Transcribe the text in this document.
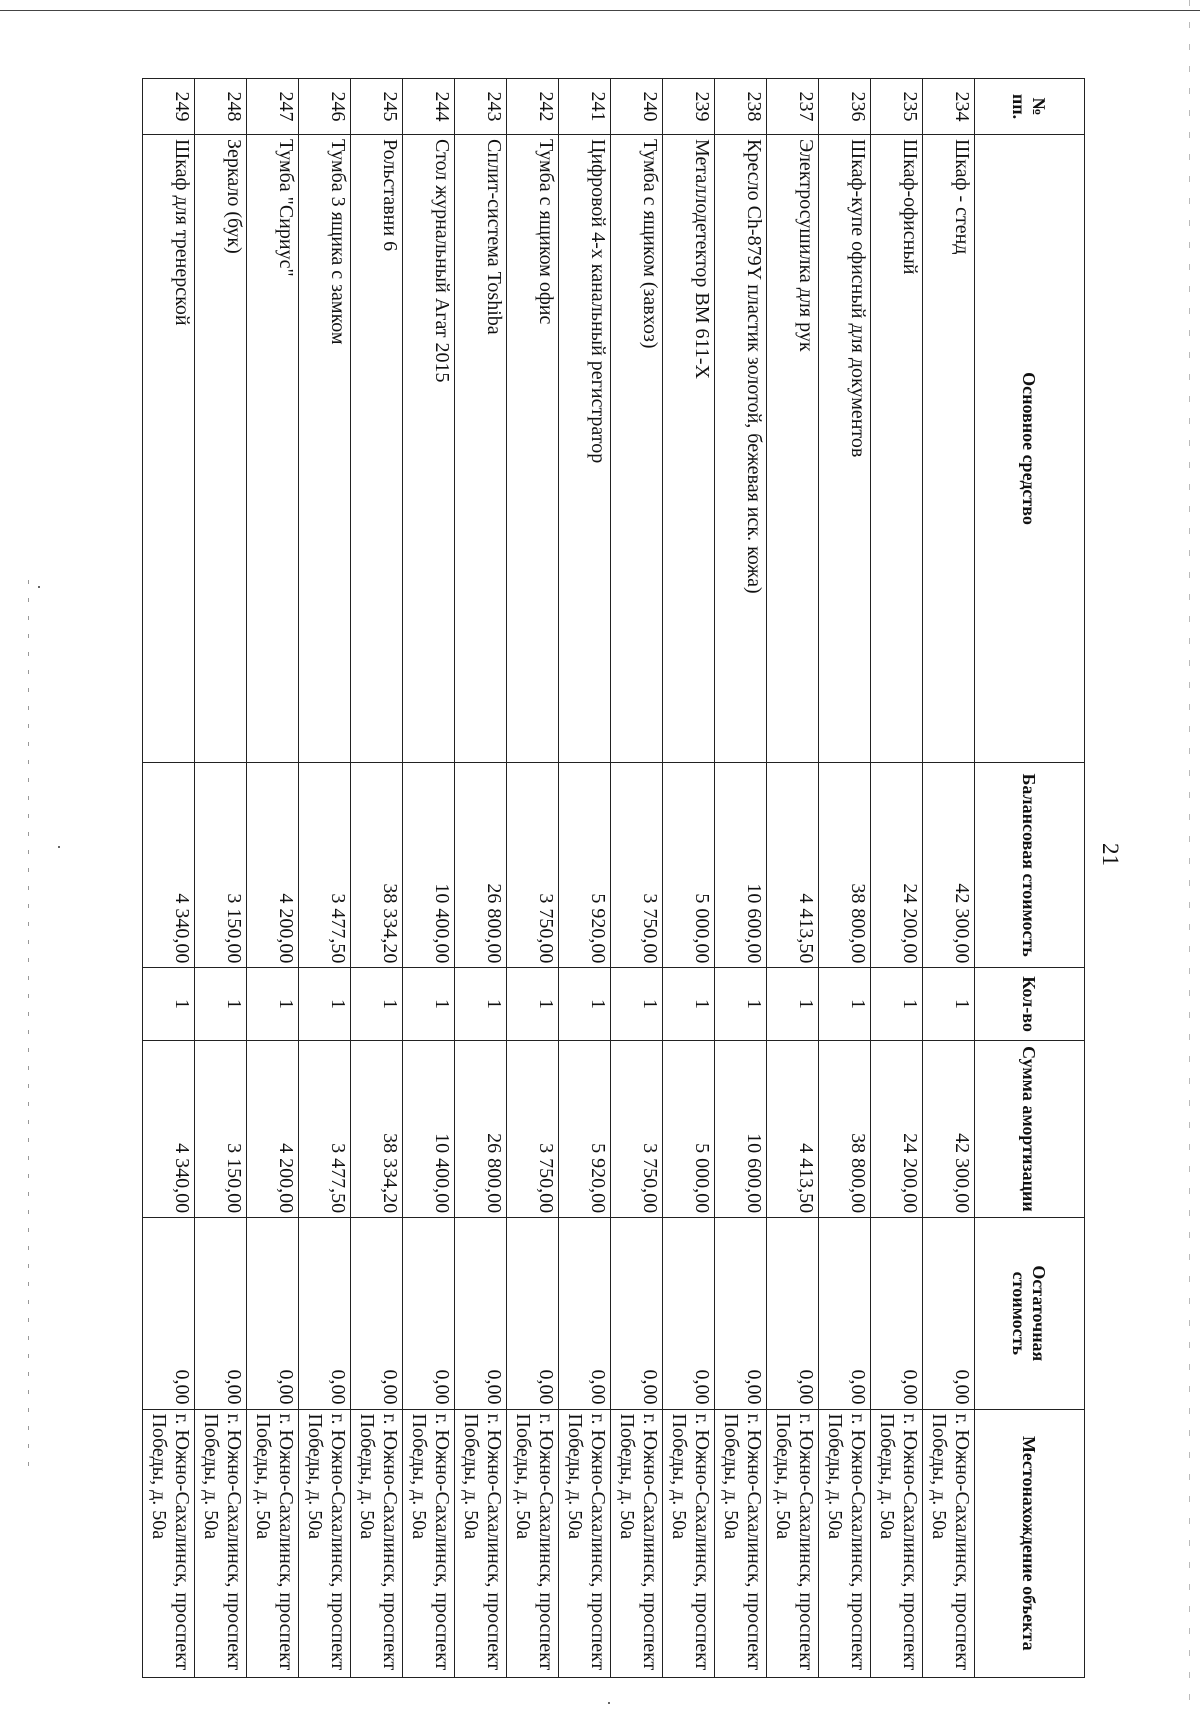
21
№ пп.	Основное средство	Балансовая стоимость	Кол-во	Сумма амортизации	Остаточная стоимость	Местонахождение объекта
234	Шкаф - стенд	42 300,00	1	42 300,00	0,00	г. Южно-Сахалинск, проспект Победы, д. 50а
235	Шкаф-офисный	24 200,00	1	24 200,00	0,00	г. Южно-Сахалинск, проспект Победы, д. 50а
236	Шкаф-купе офисный для документов	38 800,00	1	38 800,00	0,00	г. Южно-Сахалинск, проспект Победы, д. 50а
237	Электросушилка для рук	4 413,50	1	4 413,50	0,00	г. Южно-Сахалинск, проспект Победы, д. 50а
238	Кресло Ch-879Y пластик золотой, бежевая иск. кожа)	10 600,00	1	10 600,00	0,00	г. Южно-Сахалинск, проспект Победы, д. 50а
239	Металлодетектор BM 611-X	5 000,00	1	5 000,00	0,00	г. Южно-Сахалинск, проспект Победы, д. 50а
240	Тумба с ящиком (завхоз)	3 750,00	1	3 750,00	0,00	г. Южно-Сахалинск, проспект Победы, д. 50а
241	Цифровой 4-х канальный регистратор	5 920,00	1	5 920,00	0,00	г. Южно-Сахалинск, проспект Победы, д. 50а
242	Тумба с ящиком офис	3 750,00	1	3 750,00	0,00	г. Южно-Сахалинск, проспект Победы, д. 50а
243	Сплит-система Toshiba	26 800,00	1	26 800,00	0,00	г. Южно-Сахалинск, проспект Победы, д. 50а
244	Стол журнальный Агат 2015	10 400,00	1	10 400,00	0,00	г. Южно-Сахалинск, проспект Победы, д. 50а
245	Рольставни 6	38 334,20	1	38 334,20	0,00	г. Южно-Сахалинск, проспект Победы, д. 50а
246	Тумба 3 ящика с замком	3 477,50	1	3 477,50	0,00	г. Южно-Сахалинск, проспект Победы, д. 50а
247	Тумба "Сириус"	4 200,00	1	4 200,00	0,00	г. Южно-Сахалинск, проспект Победы, д. 50а
248	Зеркало (бук)	3 150,00	1	3 150,00	0,00	г. Южно-Сахалинск, проспект Победы, д. 50а
249	Шкаф для тренерской	4 340,00	1	4 340,00	0,00	г. Южно-Сахалинск, проспект Победы, д. 50а
